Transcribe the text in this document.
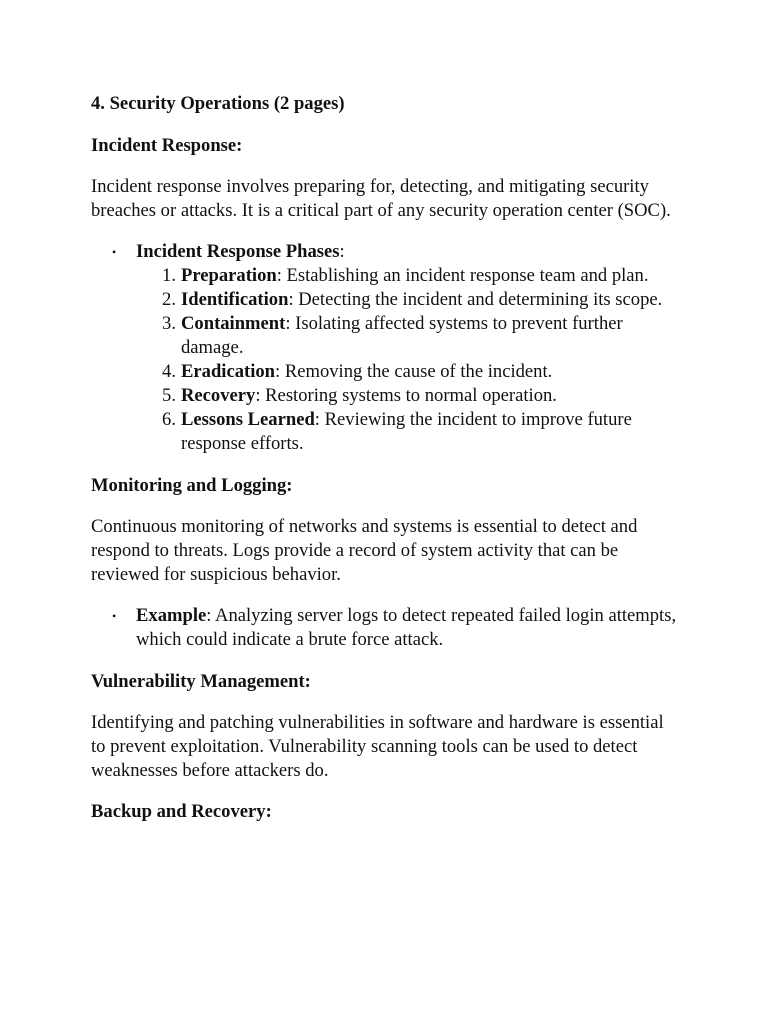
4. Security Operations (2 pages)

Incident Response:

Incident response involves preparing for, detecting, and mitigating security breaches or attacks. It is a critical part of any security operation center (SOC).

• Incident Response Phases:
1. Preparation: Establishing an incident response team and plan.
2. Identification: Detecting the incident and determining its scope.
3. Containment: Isolating affected systems to prevent further damage.
4. Eradication: Removing the cause of the incident.
5. Recovery: Restoring systems to normal operation.
6. Lessons Learned: Reviewing the incident to improve future response efforts.

Monitoring and Logging:

Continuous monitoring of networks and systems is essential to detect and respond to threats. Logs provide a record of system activity that can be reviewed for suspicious behavior.

• Example: Analyzing server logs to detect repeated failed login attempts, which could indicate a brute force attack.

Vulnerability Management:

Identifying and patching vulnerabilities in software and hardware is essential to prevent exploitation. Vulnerability scanning tools can be used to detect weaknesses before attackers do.

Backup and Recovery:
